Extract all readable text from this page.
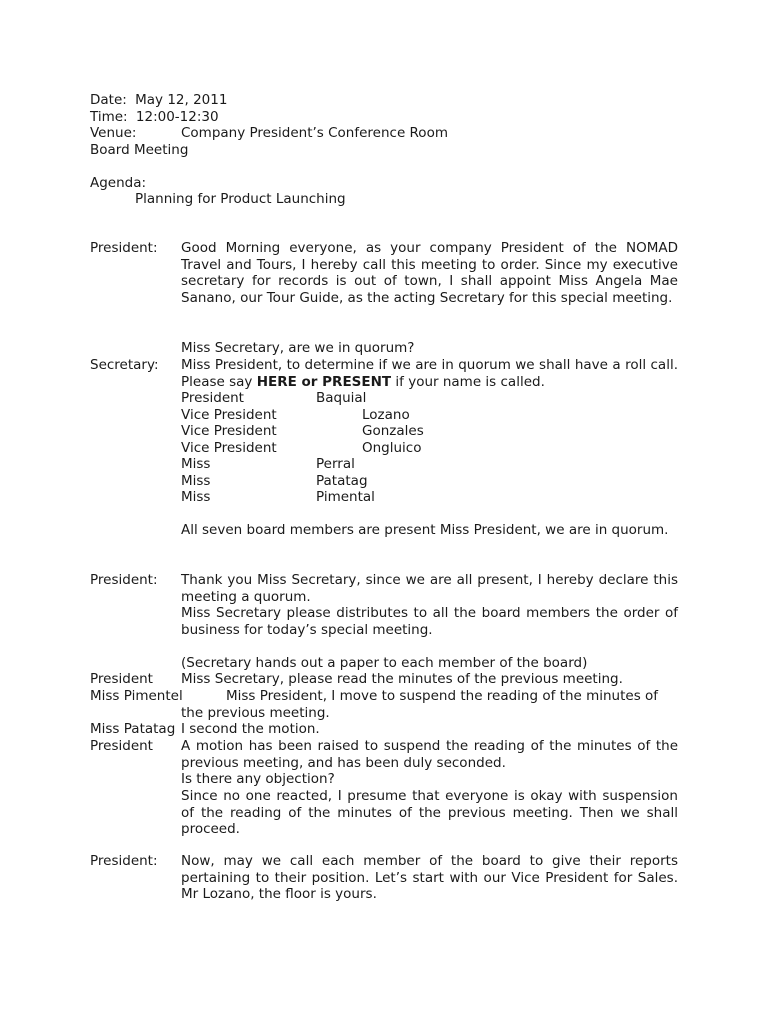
Date: May 12, 2011
Time: 12:00-12:30
Venue:	Company President’s Conference Room
Board Meeting
Agenda:
Planning for Product Launching
President: Good Morning everyone, as your company President of the NOMAD Travel and Tours, I hereby call this meeting to order. Since my executive secretary for records is out of town, I shall appoint Miss Angela Mae Sanano, our Tour Guide, as the acting Secretary for this special meeting.
Miss Secretary, are we in quorum?
Secretary: Miss President, to determine if we are in quorum we shall have a roll call. Please say HERE or PRESENT if your name is called.
President	Baquial
Vice President	Lozano
Vice President	Gonzales
Vice President	Ongluico
Miss	Perral
Miss	Patatag
Miss	Pimental
All seven board members are present Miss President, we are in quorum.
President: Thank you Miss Secretary, since we are all present, I hereby declare this meeting a quorum.
Miss Secretary please distributes to all the board members the order of business for today’s special meeting.
(Secretary hands out a paper to each member of the board)
President Miss Secretary, please read the minutes of the previous meeting.
Miss Pimentel	Miss President, I move to suspend the reading of the minutes of
the previous meeting.
Miss Patatag I second the motion.
President A motion has been raised to suspend the reading of the minutes of the previous meeting, and has been duly seconded.
Is there any objection?
Since no one reacted, I presume that everyone is okay with suspension of the reading of the minutes of the previous meeting. Then we shall proceed.
President: Now, may we call each member of the board to give their reports pertaining to their position. Let’s start with our Vice President for Sales. Mr Lozano, the floor is yours.
